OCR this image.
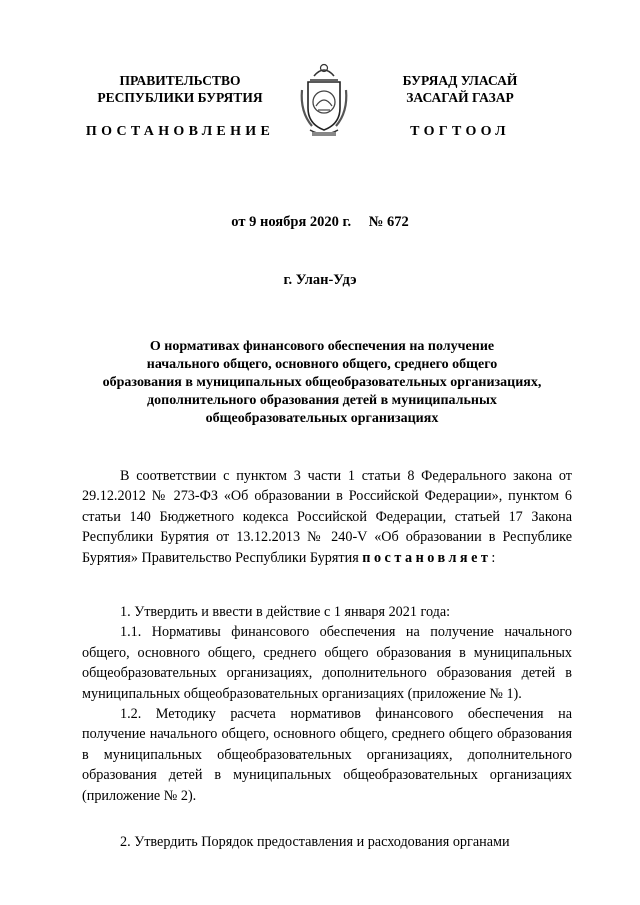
ПРАВИТЕЛЬСТВО
РЕСПУБЛИКИ БУРЯТИЯ
БУРЯАД УЛАСАЙ
ЗАСАГАЙ ГАЗАР
ПОСТАНОВЛЕНИЕ	ТОГТООЛ
от 9 ноября 2020 г. № 672
г. Улан-Удэ
О нормативах финансового обеспечения на получение
начального общего, основного общего, среднего общего
образования в муниципальных общеобразовательных организациях,
дополнительного образования детей в муниципальных
общеобразовательных организациях

В соответствии с пунктом 3 части 1 статьи 8 Федерального закона от 29.12.2012 № 273-ФЗ «Об образовании в Российской Федерации», пунктом 6 статьи 140 Бюджетного кодекса Российской Федерации, статьей 17 Закона Республики Бурятия от 13.12.2013 № 240-V «Об образовании в Республике Бурятия» Правительство Республики Бурятия постановляет:

1. Утвердить и ввести в действие с 1 января 2021 года:

1.1. Нормативы финансового обеспечения на получение начального общего, основного общего, среднего общего образования в муниципальных общеобразовательных организациях, дополнительного образования детей в муниципальных общеобразовательных организациях (приложение № 1).

1.2. Методику расчета нормативов финансового обеспечения на получение начального общего, основного общего, среднего общего образования в муниципальных общеобразовательных организациях, дополнительного образования детей в муниципальных общеобразовательных организациях (приложение № 2).

2. Утвердить Порядок предоставления и расходования органами
